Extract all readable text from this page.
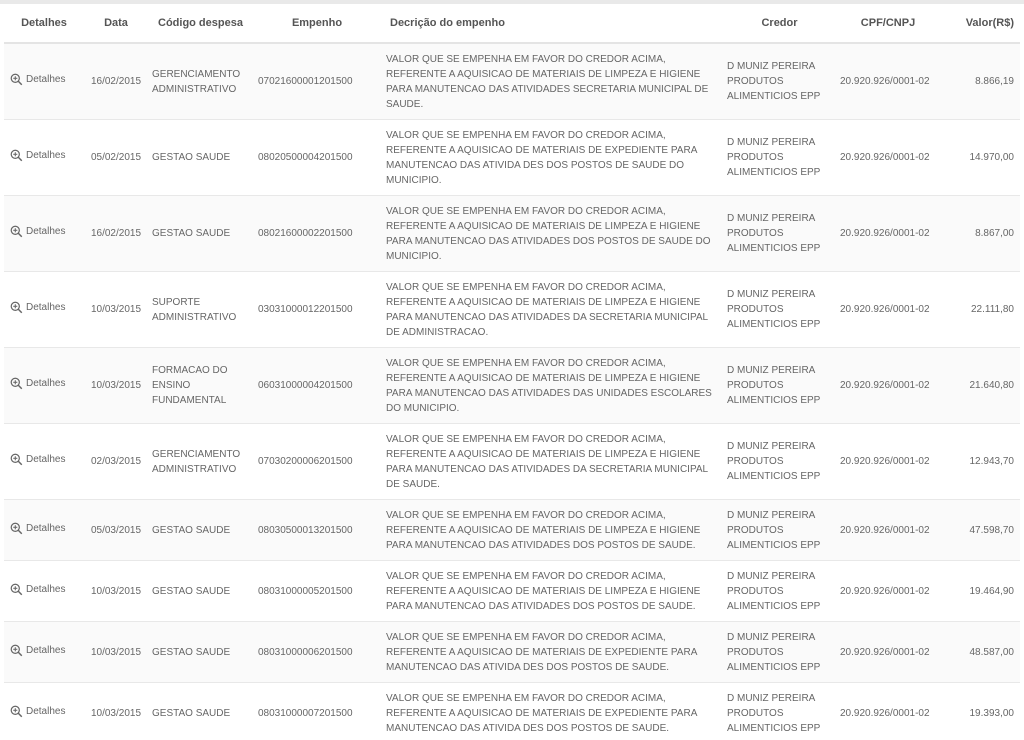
Detalhes	Data	Código despesa	Empenho	Decrição do empenho	Credor	CPF/CNPJ	Valor(R$)

Detalhes	16/02/2015	GERENCIAMENTO ADMINISTRATIVO	07021600001201500	VALOR QUE SE EMPENHA EM FAVOR DO CREDOR ACIMA, REFERENTE A AQUISICAO DE MATERIAIS DE LIMPEZA E HIGIENE PARA MANUTENCAO DAS ATIVIDADES SECRETARIA MUNICIPAL DE SAUDE.	D MUNIZ PEREIRA PRODUTOS ALIMENTICIOS EPP	20.920.926/0001-02	8.866,19

Detalhes	05/02/2015	GESTAO SAUDE	08020500004201500	VALOR QUE SE EMPENHA EM FAVOR DO CREDOR ACIMA, REFERENTE A AQUISICAO DE MATERIAIS DE EXPEDIENTE PARA MANUTENCAO DAS ATIVIDA DES DOS POSTOS DE SAUDE DO MUNICIPIO.	D MUNIZ PEREIRA PRODUTOS ALIMENTICIOS EPP	20.920.926/0001-02	14.970,00

Detalhes	16/02/2015	GESTAO SAUDE	08021600002201500	VALOR QUE SE EMPENHA EM FAVOR DO CREDOR ACIMA, REFERENTE A AQUISICAO DE MATERIAIS DE LIMPEZA E HIGIENE PARA MANUTENCAO DAS ATIVIDADES DOS POSTOS DE SAUDE DO MUNICIPIO.	D MUNIZ PEREIRA PRODUTOS ALIMENTICIOS EPP	20.920.926/0001-02	8.867,00

Detalhes	10/03/2015	SUPORTE ADMINISTRATIVO	03031000012201500	VALOR QUE SE EMPENHA EM FAVOR DO CREDOR ACIMA, REFERENTE A AQUISICAO DE MATERIAIS DE LIMPEZA E HIGIENE PARA MANUTENCAO DAS ATIVIDADES DA SECRETARIA MUNICIPAL DE ADMINISTRACAO.	D MUNIZ PEREIRA PRODUTOS ALIMENTICIOS EPP	20.920.926/0001-02	22.111,80

Detalhes	10/03/2015	FORMACAO DO ENSINO FUNDAMENTAL	06031000004201500	VALOR QUE SE EMPENHA EM FAVOR DO CREDOR ACIMA, REFERENTE A AQUISICAO DE MATERIAIS DE LIMPEZA E HIGIENE PARA MANUTENCAO DAS ATIVIDADES DAS UNIDADES ESCOLARES DO MUNICIPIO.	D MUNIZ PEREIRA PRODUTOS ALIMENTICIOS EPP	20.920.926/0001-02	21.640,80

Detalhes	02/03/2015	GERENCIAMENTO ADMINISTRATIVO	07030200006201500	VALOR QUE SE EMPENHA EM FAVOR DO CREDOR ACIMA, REFERENTE A AQUISICAO DE MATERIAIS DE LIMPEZA E HIGIENE PARA MANUTENCAO DAS ATIVIDADES DA SECRETARIA MUNICIPAL DE SAUDE.	D MUNIZ PEREIRA PRODUTOS ALIMENTICIOS EPP	20.920.926/0001-02	12.943,70

Detalhes	05/03/2015	GESTAO SAUDE	08030500013201500	VALOR QUE SE EMPENHA EM FAVOR DO CREDOR ACIMA, REFERENTE A AQUISICAO DE MATERIAIS DE LIMPEZA E HIGIENE PARA MANUTENCAO DAS ATIVIDADES DOS POSTOS DE SAUDE.	D MUNIZ PEREIRA PRODUTOS ALIMENTICIOS EPP	20.920.926/0001-02	47.598,70

Detalhes	10/03/2015	GESTAO SAUDE	08031000005201500	VALOR QUE SE EMPENHA EM FAVOR DO CREDOR ACIMA, REFERENTE A AQUISICAO DE MATERIAIS DE LIMPEZA E HIGIENE PARA MANUTENCAO DAS ATIVIDADES DOS POSTOS DE SAUDE.	D MUNIZ PEREIRA PRODUTOS ALIMENTICIOS EPP	20.920.926/0001-02	19.464,90

Detalhes	10/03/2015	GESTAO SAUDE	08031000006201500	VALOR QUE SE EMPENHA EM FAVOR DO CREDOR ACIMA, REFERENTE A AQUISICAO DE MATERIAIS DE EXPEDIENTE PARA MANUTENCAO DAS ATIVIDA DES DOS POSTOS DE SAUDE.	D MUNIZ PEREIRA PRODUTOS ALIMENTICIOS EPP	20.920.926/0001-02	48.587,00

Detalhes	10/03/2015	GESTAO SAUDE	08031000007201500	VALOR QUE SE EMPENHA EM FAVOR DO CREDOR ACIMA, REFERENTE A AQUISICAO DE MATERIAIS DE EXPEDIENTE PARA MANUTENCAO DAS ATIVIDA DES DOS POSTOS DE SAUDE.	D MUNIZ PEREIRA PRODUTOS ALIMENTICIOS EPP	20.920.926/0001-02	19.393,00
